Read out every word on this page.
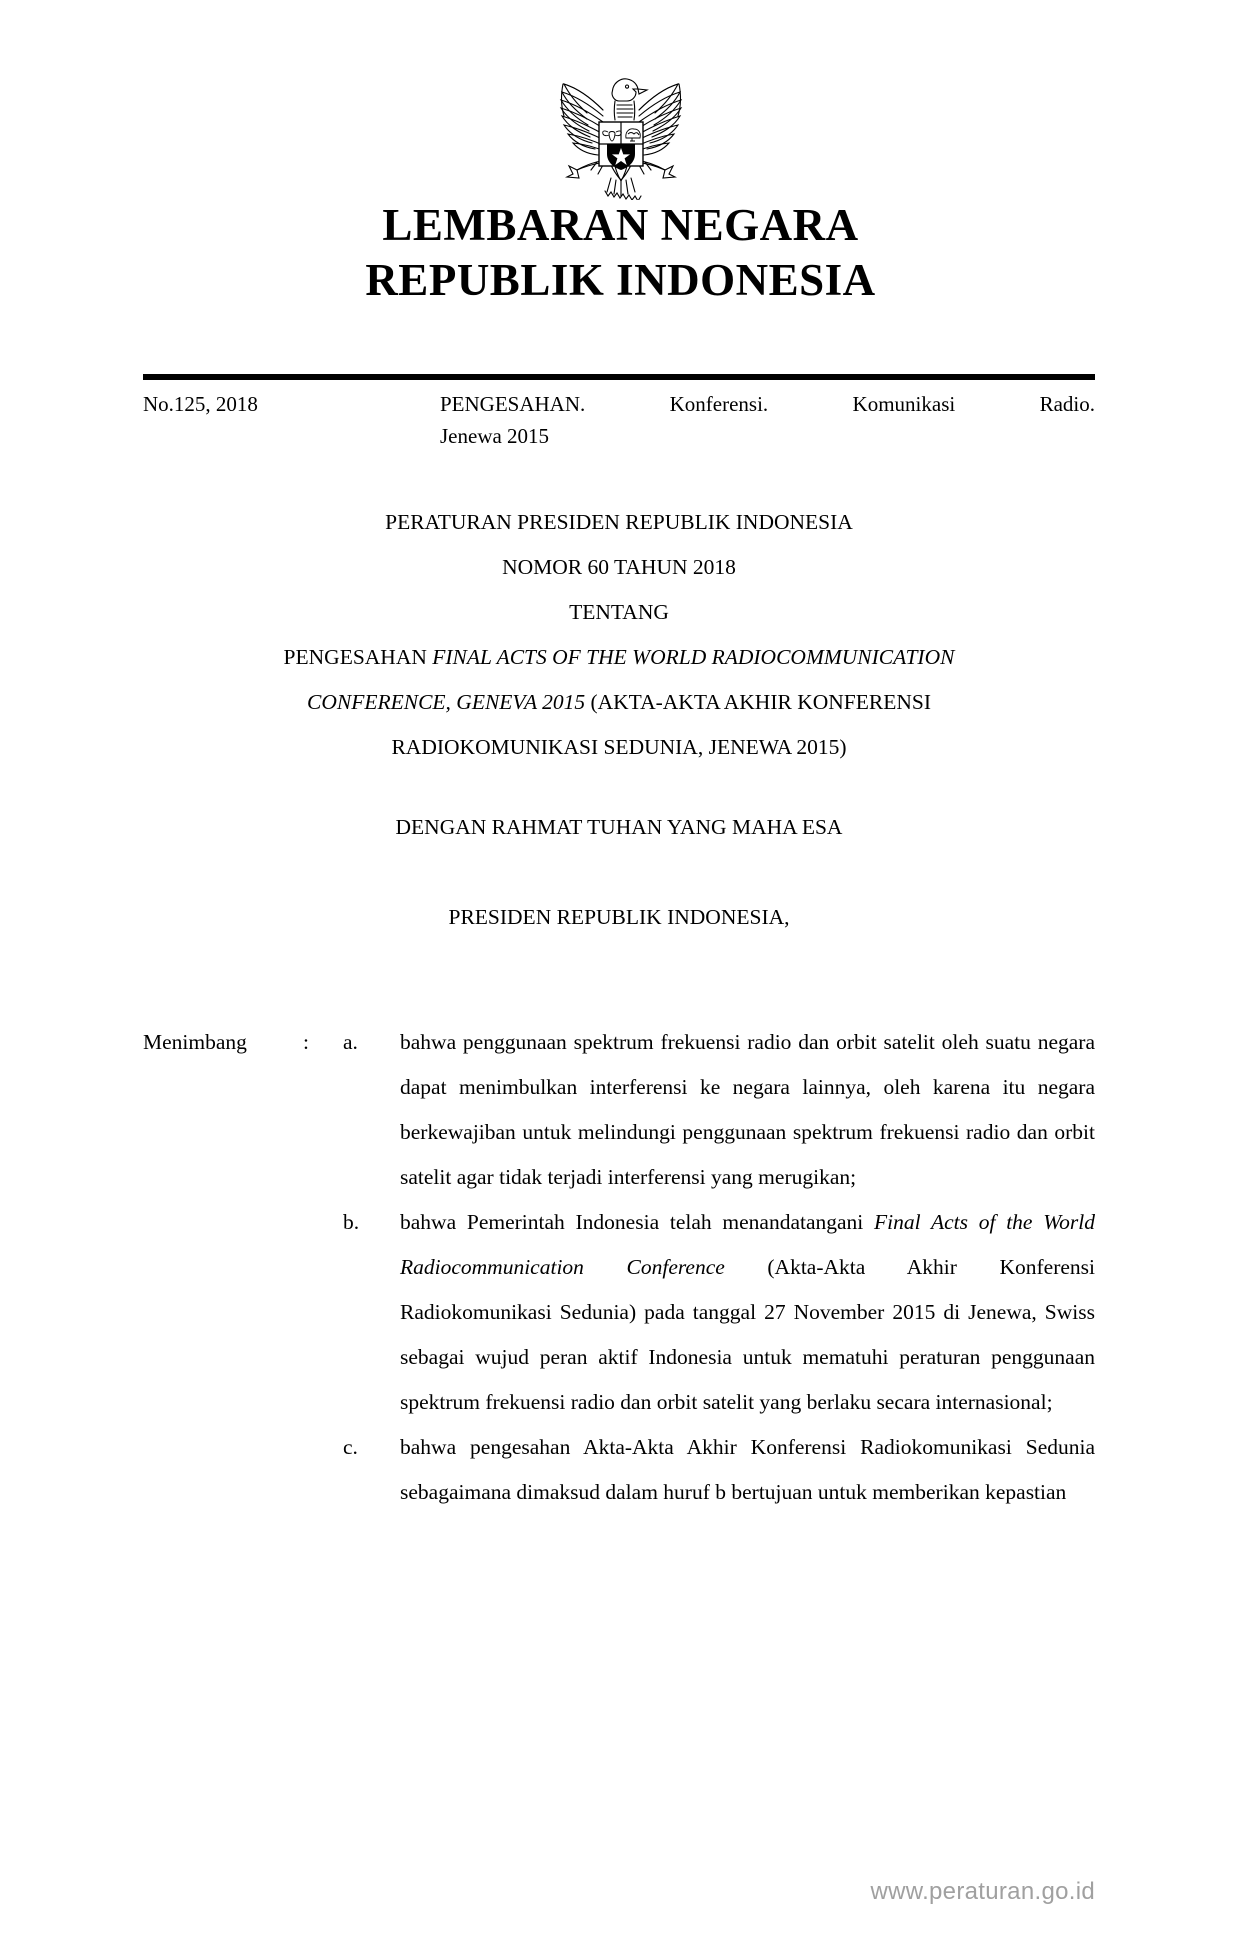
LEMBARAN NEGARA
REPUBLIK INDONESIA
No.125, 2018	PENGESAHAN. Konferensi. Komunikasi Radio.
Jenewa 2015
PERATURAN PRESIDEN REPUBLIK INDONESIA
NOMOR 60 TAHUN 2018
TENTANG
PENGESAHAN FINAL ACTS OF THE WORLD RADIOCOMMUNICATION
CONFERENCE, GENEVA 2015 (AKTA-AKTA AKHIR KONFERENSI
RADIOKOMUNIKASI SEDUNIA, JENEWA 2015)
DENGAN RAHMAT TUHAN YANG MAHA ESA
PRESIDEN REPUBLIK INDONESIA,
Menimbang	:	a.	bahwa penggunaan spektrum frekuensi radio dan orbit satelit oleh suatu negara dapat menimbulkan interferensi ke negara lainnya, oleh karena itu negara berkewajiban untuk melindungi penggunaan spektrum frekuensi radio dan orbit satelit agar tidak terjadi interferensi yang merugikan;
b.	bahwa Pemerintah Indonesia telah menandatangani Final Acts of the World Radiocommunication Conference (Akta-Akta Akhir Konferensi Radiokomunikasi Sedunia) pada tanggal 27 November 2015 di Jenewa, Swiss sebagai wujud peran aktif Indonesia untuk mematuhi peraturan penggunaan spektrum frekuensi radio dan orbit satelit yang berlaku secara internasional;
c.	bahwa pengesahan Akta-Akta Akhir Konferensi Radiokomunikasi Sedunia sebagaimana dimaksud dalam huruf b bertujuan untuk memberikan kepastian
www.peraturan.go.id
